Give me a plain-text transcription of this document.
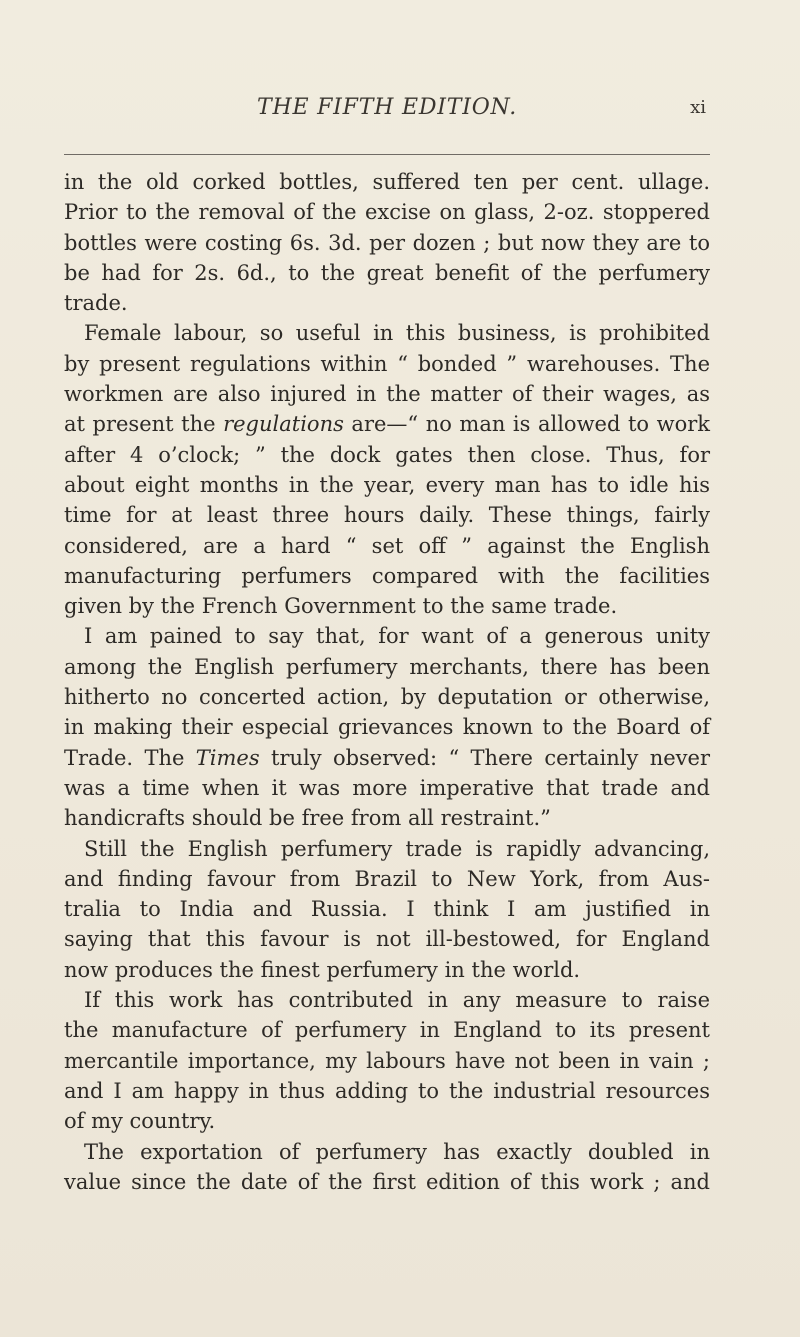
THE FIFTH EDITION.	xi
in the old corked bottles, suffered ten per cent. ullage.
Prior to the removal of the excise on glass, 2-oz. stoppered
bottles were costing 6s. 3d. per dozen ; but now they are to
be had for 2s. 6d., to the great benefit of the perfumery
trade.
Female labour, so useful in this business, is prohibited
by present regulations within “ bonded ” warehouses. The
workmen are also injured in the matter of their wages, as
at present the regulations are—“ no man is allowed to work
after 4 o’clock; ” the dock gates then close. Thus, for
about eight months in the year, every man has to idle his
time for at least three hours daily. These things, fairly
considered, are a hard “ set off ” against the English
manufacturing perfumers compared with the facilities
given by the French Government to the same trade.
I am pained to say that, for want of a generous unity
among the English perfumery merchants, there has been
hitherto no concerted action, by deputation or otherwise,
in making their especial grievances known to the Board of
Trade. The Times truly observed: “ There certainly never
was a time when it was more imperative that trade and
handicrafts should be free from all restraint.”
Still the English perfumery trade is rapidly advancing,
and finding favour from Brazil to New York, from Aus-
tralia to India and Russia. I think I am justified in
saying that this favour is not ill-bestowed, for England
now produces the finest perfumery in the world.
If this work has contributed in any measure to raise
the manufacture of perfumery in England to its present
mercantile importance, my labours have not been in vain ;
and I am happy in thus adding to the industrial resources
of my country.
The exportation of perfumery has exactly doubled in
value since the date of the first edition of this work ; and
